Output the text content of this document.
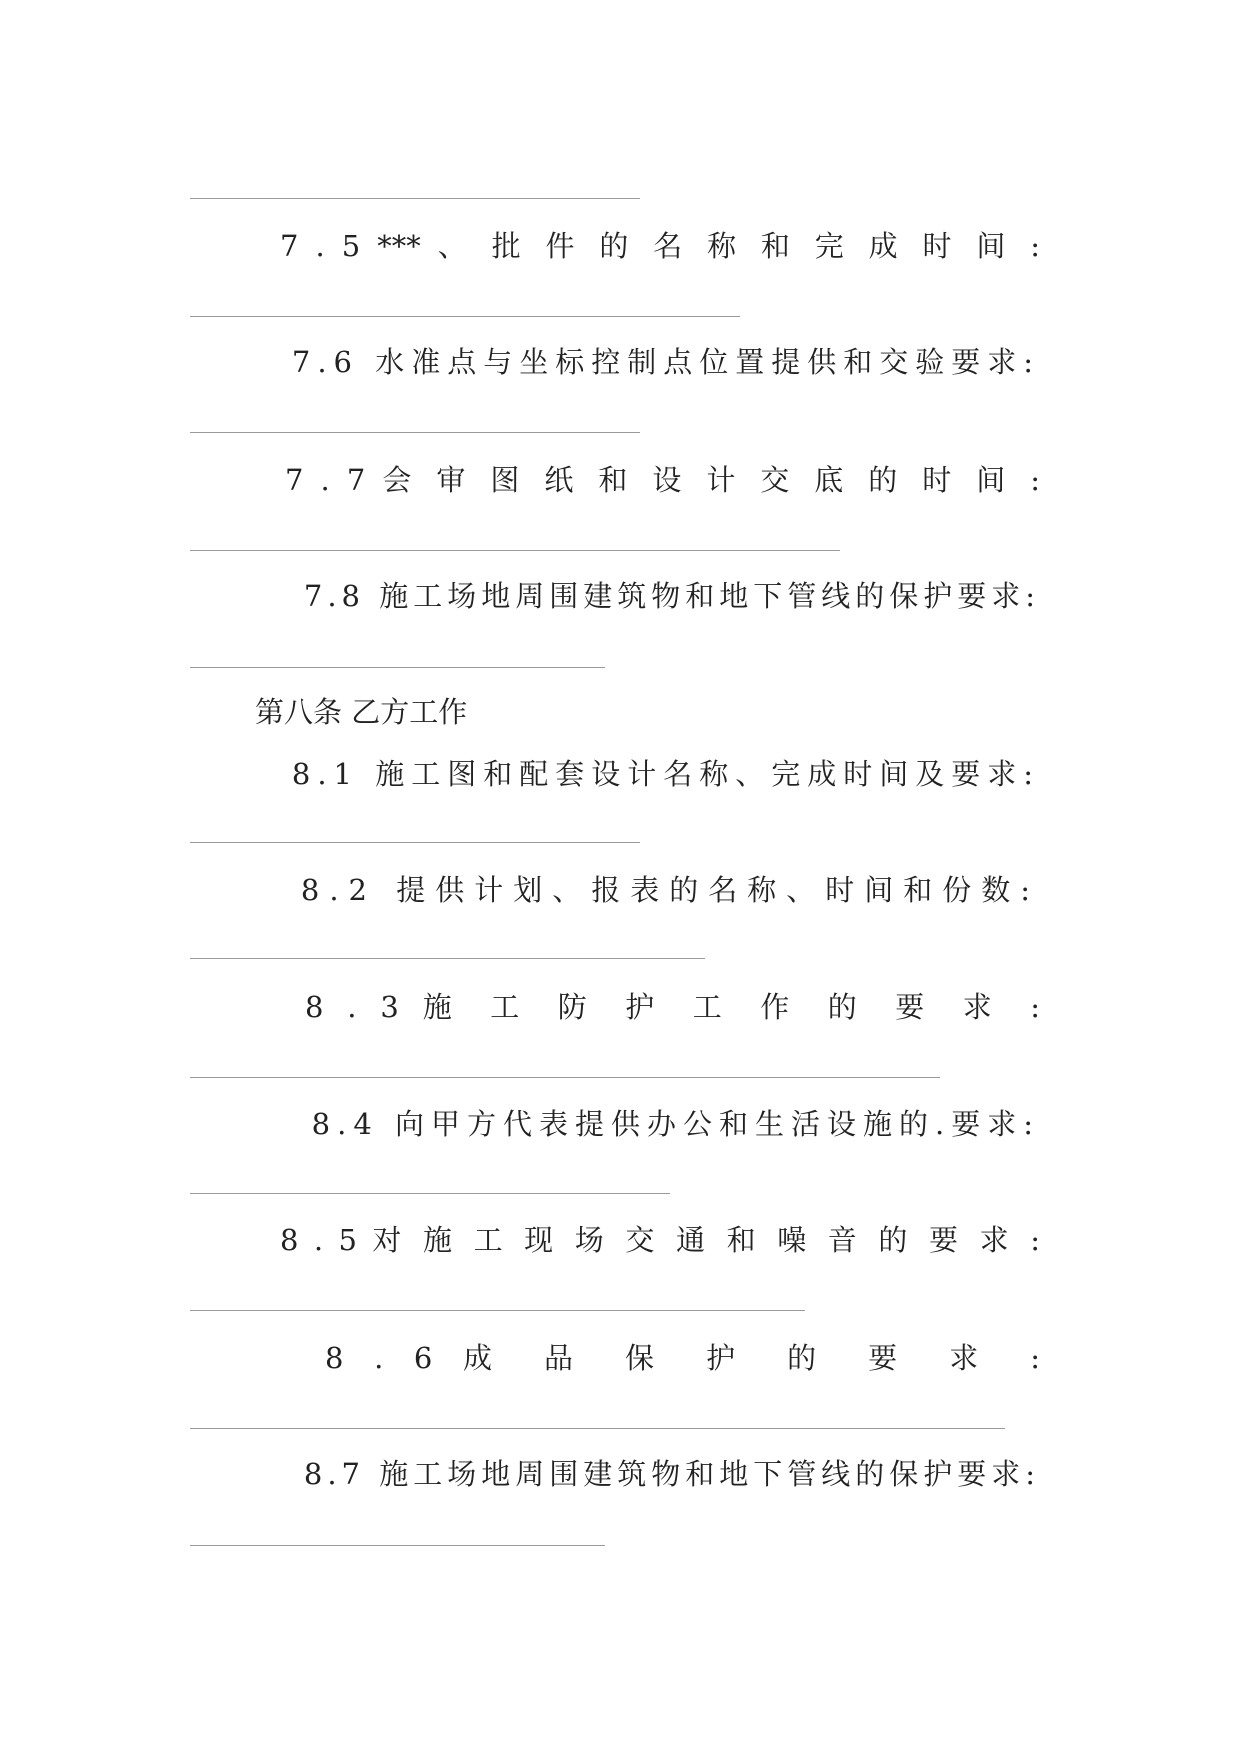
7 . 5 *** 、 批 件 的 名 称 和 完 成 时 间 :
7.6 水准点与坐标控制点位置提供和交验要求:
7 . 7 会 审 图 纸 和 设 计 交 底 的 时 间 :
7.8 施工场地周围建筑物和地下管线的保护要求:
第八条 乙方工作
8.1 施工图和配套设计名称、完成时间及要求:
8.2 提供计划、报表的名称、时间和份数:
8 . 3 施 工 防 护 工 作 的 要 求 :
8.4 向甲方代表提供办公和生活设施的.要求:
8 . 5 对 施 工 现 场 交 通 和 噪 音 的 要 求 :
8 . 6 成 品 保 护 的 要 求 :
8.7 施工场地周围建筑物和地下管线的保护要求:
